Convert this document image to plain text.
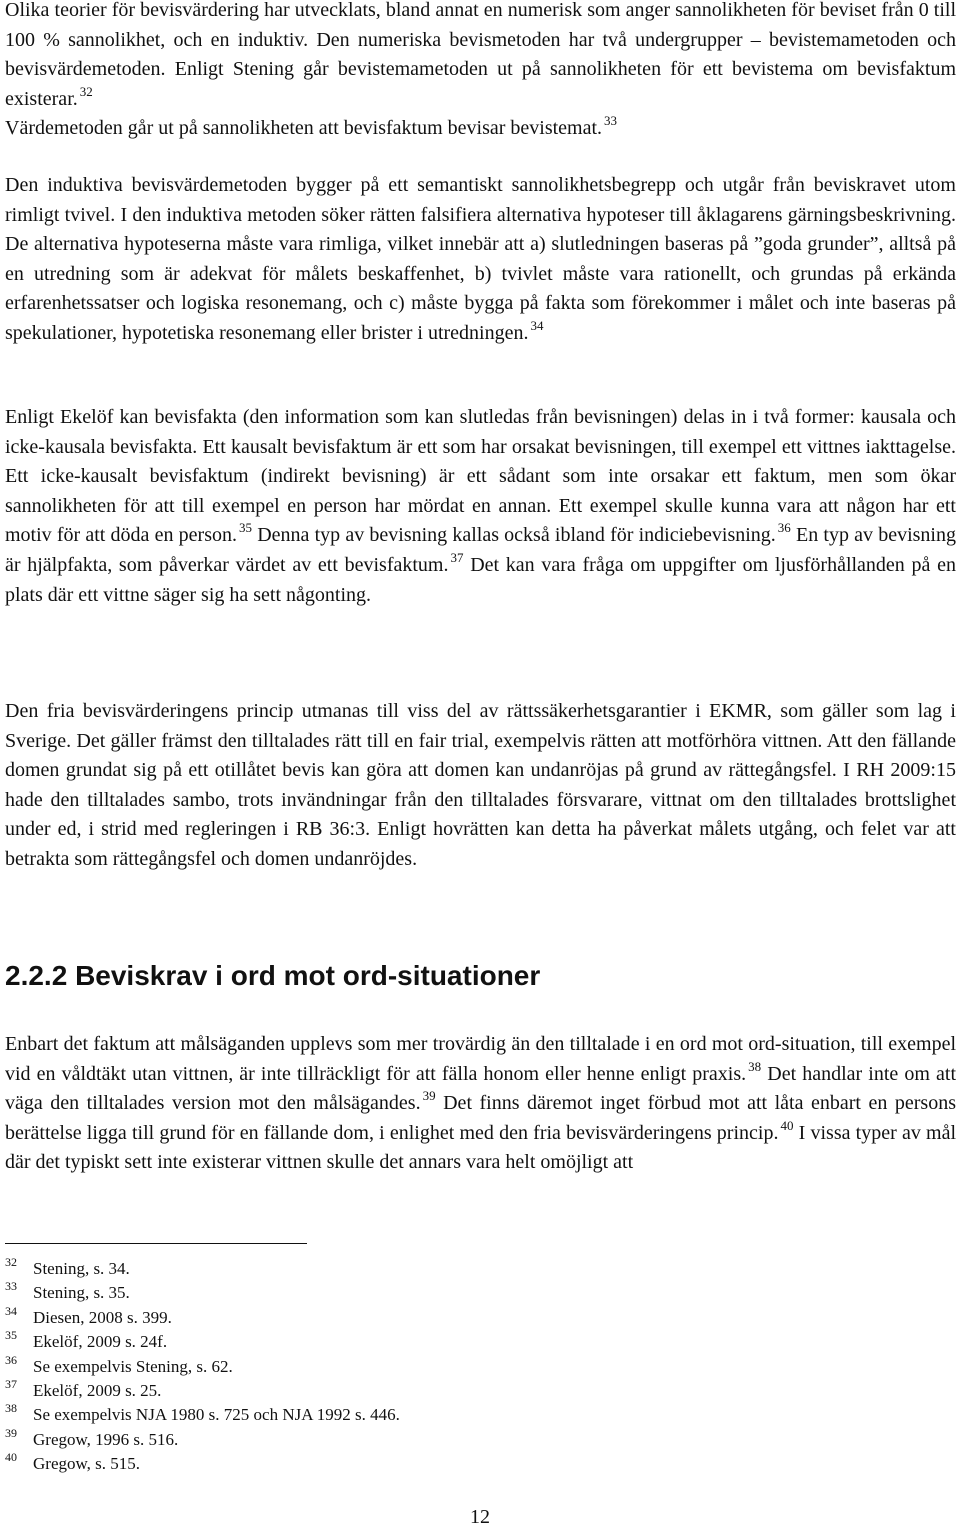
Olika teorier för bevisvärdering har utvecklats, bland annat en numerisk som anger sannolikheten för beviset från 0 till 100 % sannolikhet, och en induktiv. Den numeriska bevismetoden har två undergrupper – bevistemametoden och bevisvärdemetoden. Enligt Stening går bevistemametoden ut på sannolikheten för ett bevistema om bevisfaktum existerar. $^{32}$

Värdemetoden går ut på sannolikheten att bevisfaktum bevisar bevistemat. $^{33}$

Den induktiva bevisvärdemetoden bygger på ett semantiskt sannolikhetsbegrepp och utgår från beviskravet utom rimligt tvivel. I den induktiva metoden söker rätten falsifiera alternativa hypoteser till åklagarens gärningsbeskrivning. De alternativa hypoteserna måste vara rimliga, vilket innebär att a) slutledningen baseras på ”goda grunder”, alltså på en utredning som är adekvat för målets beskaffenhet, b) tvivlet måste vara rationellt, och grundas på erkända erfarenhetssatser och logiska resonemang, och c) måste bygga på fakta som förekommer i målet och inte baseras på spekulationer, hypotetiska resonemang eller brister i utredningen. $^{34}$

Enligt Ekelöf kan bevisfakta (den information som kan slutledas från bevisningen) delas in i två former: kausala och icke-kausala bevisfakta. Ett kausalt bevisfaktum är ett som har orsakat bevisningen, till exempel ett vittnes iakttagelse. Ett icke-kausalt bevisfaktum (indirekt bevisning) är ett sådant som inte orsakar ett faktum, men som ökar sannolikheten för att till exempel en person har mördat en annan. Ett exempel skulle kunna vara att någon har ett motiv för att döda en person. $^{35}$ Denna typ av bevisning kallas också ibland för indiciebevisning. $^{36}$ En typ av bevisning är hjälpfakta, som påverkar värdet av ett bevisfaktum. $^{37}$ Det kan vara fråga om uppgifter om ljusförhållanden på en plats där ett vittne säger sig ha sett någonting.

Den fria bevisvärderingens princip utmanas till viss del av rättssäkerhetsgarantier i EKMR, som gäller som lag i Sverige. Det gäller främst den tilltalades rätt till en fair trial, exempelvis rätten att motförhöra vittnen. Att den fällande domen grundat sig på ett otillåtet bevis kan göra att domen kan undanröjas på grund av rättegångsfel. I RH 2009:15 hade den tilltalades sambo, trots invändningar från den tilltalades försvarare, vittnat om den tilltalades brottslighet under ed, i strid med regleringen i RB 36:3. Enligt hovrätten kan detta ha påverkat målets utgång, och felet var att betrakta som rättegångsfel och domen undanröjdes.

2.2.2 Beviskrav i ord mot ord-situationer

Enbart det faktum att målsäganden upplevs som mer trovärdig än den tilltalade i en ord mot ord-situation, till exempel vid en våldtäkt utan vittnen, är inte tillräckligt för att fälla honom eller henne enligt praxis. $^{38}$ Det handlar inte om att väga den tilltalades version mot den målsägandes. $^{39}$ Det finns däremot inget förbud mot att låta enbart en persons berättelse ligga till grund för en fällande dom, i enlighet med den fria bevisvärderingens princip. $^{40}$ I vissa typer av mål där det typiskt sett inte existerar vittnen skulle det annars vara helt omöjligt att

32 Stening, s. 34.
33 Stening, s. 35.
34 Diesen, 2008 s. 399.
35 Ekelöf, 2009 s. 24f.
36 Se exempelvis Stening, s. 62.
37 Ekelöf, 2009 s. 25.
38 Se exempelvis NJA 1980 s. 725 och NJA 1992 s. 446.
39 Gregow, 1996 s. 516.
40 Gregow, s. 515.

12
